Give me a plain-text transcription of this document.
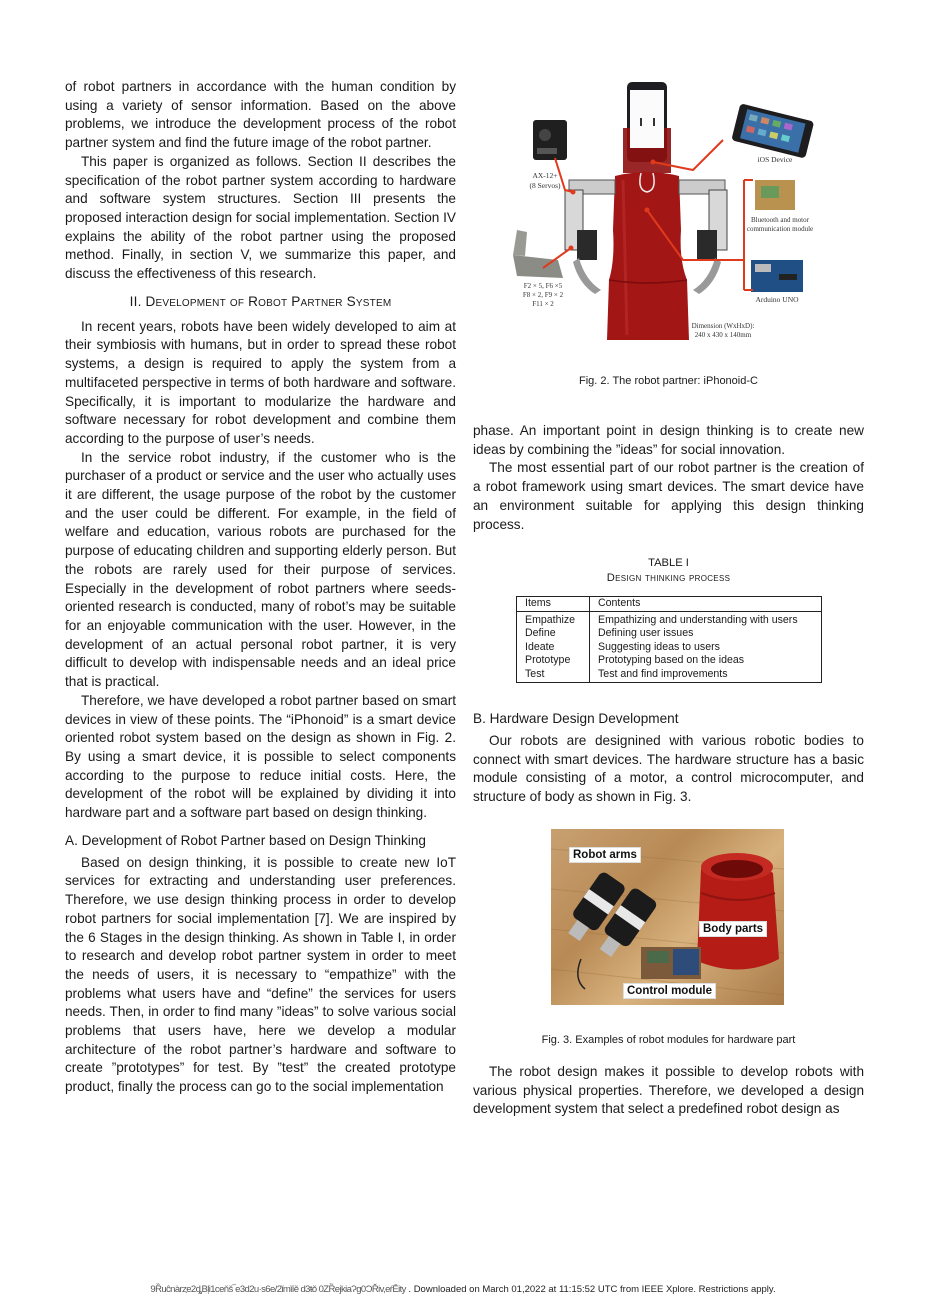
of robot partners in accordance with the human condition by using a variety of sensor information. Based on the above problems, we introduce the development process of the robot partner system and find the future image of the robot partner.

This paper is organized as follows. Section II describes the specification of the robot partner system according to hardware and software system structures. Section III presents the proposed interaction design for social implementation. Section IV explains the ability of the robot partner using the proposed method. Finally, in section V, we summarize this paper, and discuss the effectiveness of this research.

II. Development of Robot Partner System

In recent years, robots have been widely developed to aim at their symbiosis with humans, but in order to spread these robot systems, a design is required to apply the system from a multifaceted perspective in terms of both hardware and software. Specifically, it is important to modularize the hardware and software necessary for robot development and combine them according to the purpose of user’s needs.

In the service robot industry, if the customer who is the purchaser of a product or service and the user who actually uses it are different, the usage purpose of the robot by the customer and the user could be different. For example, in the field of welfare and education, various robots are purchased for the purpose of educating children and supporting elderly person. But the robots are rarely used for their purpose of services. Especially in the development of robot partners where seeds-oriented research is conducted, many of robot’s may be suitable for an enjoyable communication with the user. However, in the development of an actual personal robot partner, it is very difficult to develop with indispensable needs and an ideal price that is practical.

Therefore, we have developed a robot partner based on smart devices in view of these points. The “iPhonoid” is a smart device oriented robot system based on the design as shown in Fig. 2. By using a smart device, it is possible to select components according to the purpose to reduce initial costs. Here, the development of the robot will be explained by dividing it into hardware part and a software part based on design thinking.

A. Development of Robot Partner based on Design Thinking

Based on design thinking, it is possible to create new IoT services for extracting and understanding user preferences. Therefore, we use design thinking process in order to develop robot partners for social implementation [7]. We are inspired by the 6 Stages in the design thinking. As shown in Table I, in order to research and develop robot partner system in order to meet the needs of users, it is necessary to “empathize” with the problems what users have and “define” the services for users needs. Then, in order to find many ”ideas” to solve various social problems that users have, here we develop a modular architecture of the robot partner’s hardware and software to create ”prototypes” for test. By ”test” the created prototype product, finally the process can go to the social implementation

iOS Device
AX-12+
(8 Servos)
Bluetooth and motor
communication module
Arduino UNO
F2 × 5, F6 ×5
F8 × 2, F9 × 2
F11 × 2
Dimension (WxHxD):
240 x 430 x 140mm
Fig. 2. The robot partner: iPhonoid-C

phase. An important point in design thinking is to create new ideas by combining the ”ideas” for social innovation.

The most essential part of our robot partner is the creation of a robot framework using smart devices. The smart device have an environment suitable for applying this design thinking process.

TABLE I
Design thinking process
Items	Contents
Empathize	Empathizing and understanding with users
Define	Defining user issues
Ideate	Suggesting ideas to users
Prototype	Prototyping based on the ideas
Test	Test and find improvements
B. Hardware Design Development

Our robots are designined with various robotic bodies to connect with smart devices. The hardware structure has a basic module consisting of a motor, a control microcomputer, and structure of body as shown in Fig. 3.

Robot arms
Body parts
Control module
Fig. 3. Examples of robot modules for hardware part

The robot design makes it possible to develop robots with various physical properties. Therefore, we developed a design development system that select a predefined robot design as

9Ȑuĉnàrȥe2ȡBļi1ceňš‾e3d2u·s6e/2ǐmǐíě d3ŧǒ 0ZȐejkiaɁg0ϽŘiv,eŕĒity . Downloaded on March 01,2022 at 11:15:52 UTC from IEEE Xplore. Restrictions apply.
